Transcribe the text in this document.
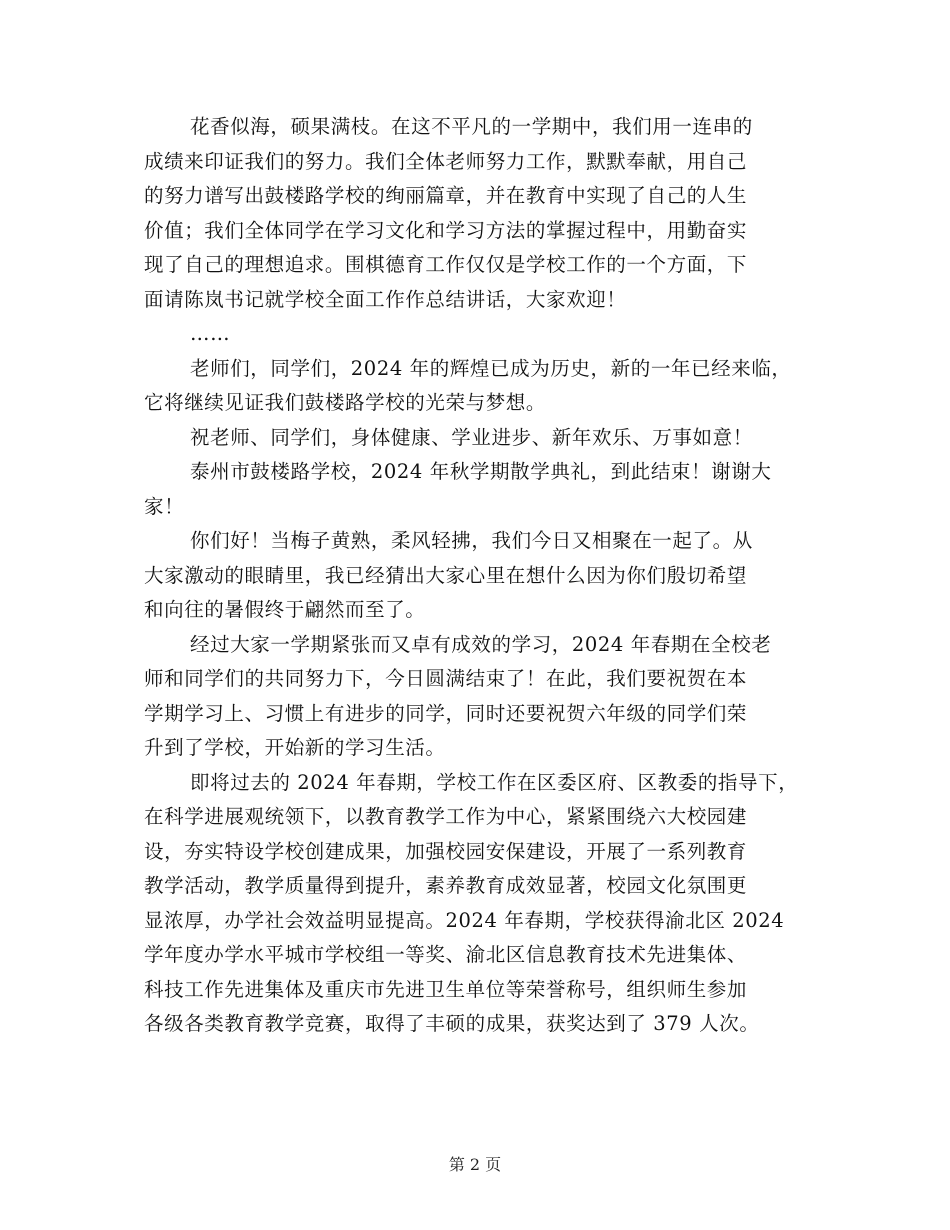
花香似海，硕果满枝。在这不平凡的一学期中，我们用一连串的
成绩来印证我们的努力。我们全体老师努力工作，默默奉献，用自己
的努力谱写出鼓楼路学校的绚丽篇章，并在教育中实现了自己的人生
价值；我们全体同学在学习文化和学习方法的掌握过程中，用勤奋实
现了自己的理想追求。围棋德育工作仅仅是学校工作的一个方面，下
面请陈岚书记就学校全面工作作总结讲话，大家欢迎！
……
老师们，同学们，2024 年的辉煌已成为历史，新的一年已经来临，
它将继续见证我们鼓楼路学校的光荣与梦想。
祝老师、同学们，身体健康、学业进步、新年欢乐、万事如意！
泰州市鼓楼路学校，2024 年秋学期散学典礼，到此结束！谢谢大
家！
你们好！当梅子黄熟，柔风轻拂，我们今日又相聚在一起了。从
大家激动的眼睛里，我已经猜出大家心里在想什么因为你们殷切希望
和向往的暑假终于翩然而至了。
经过大家一学期紧张而又卓有成效的学习，2024 年春期在全校老
师和同学们的共同努力下，今日圆满结束了！在此，我们要祝贺在本
学期学习上、习惯上有进步的同学，同时还要祝贺六年级的同学们荣
升到了学校，开始新的学习生活。
即将过去的 2024 年春期，学校工作在区委区府、区教委的指导下，
在科学进展观统领下，以教育教学工作为中心，紧紧围绕六大校园建
设，夯实特设学校创建成果，加强校园安保建设，开展了一系列教育
教学活动，教学质量得到提升，素养教育成效显著，校园文化氛围更
显浓厚，办学社会效益明显提高。2024 年春期，学校获得渝北区 2024
学年度办学水平城市学校组一等奖、渝北区信息教育技术先进集体、
科技工作先进集体及重庆市先进卫生单位等荣誉称号，组织师生参加
各级各类教育教学竞赛，取得了丰硕的成果，获奖达到了 379 人次。
第 2 页
